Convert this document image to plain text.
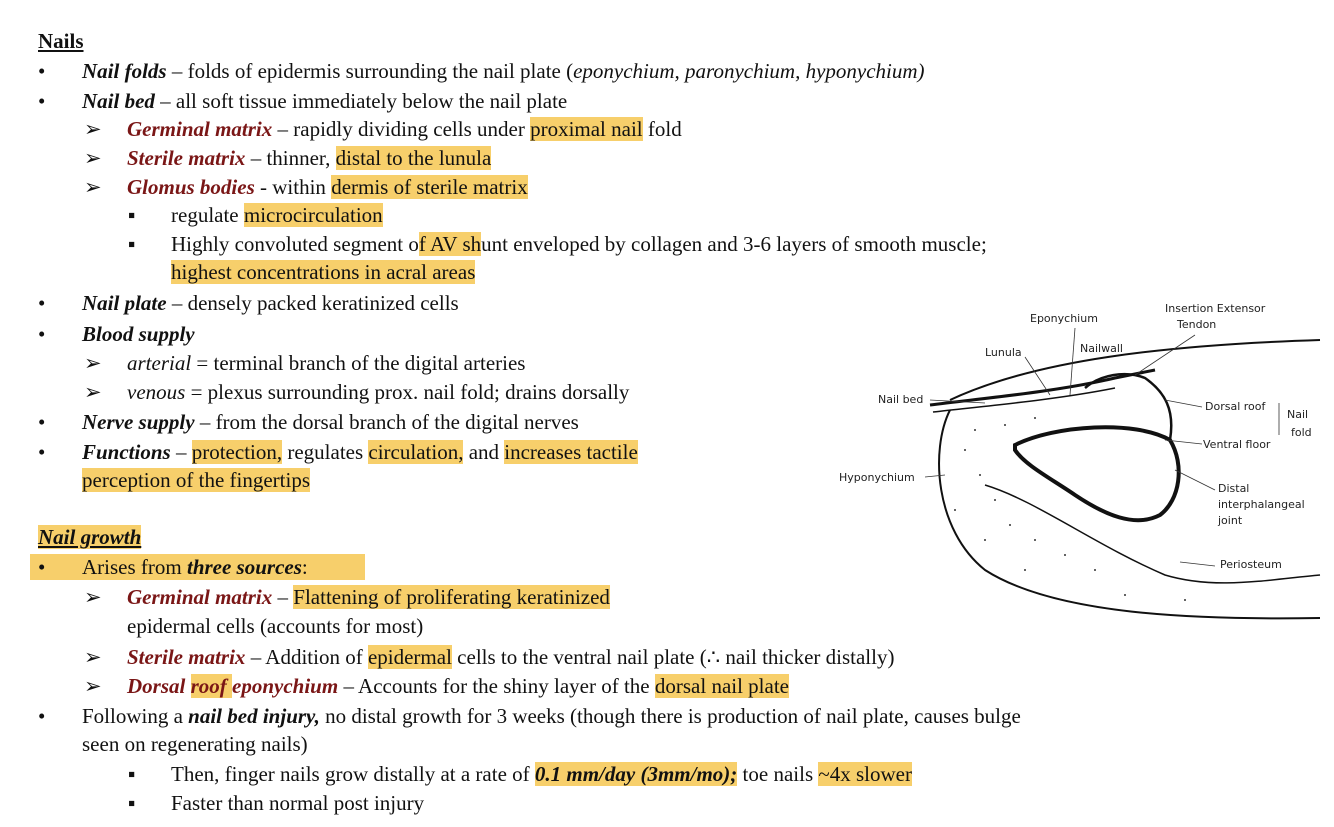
Nails
• Nail folds – folds of epidermis surrounding the nail plate (eponychium, paronychium, hyponychium)
• Nail bed – all soft tissue immediately below the nail plate
➢ Germinal matrix – rapidly dividing cells under proximal nail fold
➢ Sterile matrix – thinner, distal to the lunula
➢ Glomus bodies - within dermis of sterile matrix
▪ regulate microcirculation
▪ Highly convoluted segment of AV shunt enveloped by collagen and 3-6 layers of smooth muscle;
highest concentrations in acral areas
• Nail plate – densely packed keratinized cells
• Blood supply
➢ arterial = terminal branch of the digital arteries
➢ venous = plexus surrounding prox. nail fold; drains dorsally
• Nerve supply – from the dorsal branch of the digital nerves
• Functions – protection, regulates circulation, and increases tactile
perception of the fingertips
Nail growth
• Arises from three sources:
➢ Germinal matrix – Flattening of proliferating keratinized
epidermal cells (accounts for most)
➢ Sterile matrix – Addition of epidermal cells to the ventral nail plate (∴ nail thicker distally)
➢ Dorsal roof eponychium – Accounts for the shiny layer of the dorsal nail plate
• Following a nail bed injury, no distal growth for 3 weeks (though there is production of nail plate, causes bulge
seen on regenerating nails)
▪ Then, finger nails grow distally at a rate of 0.1 mm/day (3mm/mo); toe nails ~4x slower
▪ Faster than normal post injury
Eponychium
Insertion Extensor
Tendon
Lunula	Nailwall
Nail bed
Dorsal roof
Nail
fold
Ventral floor
Hyponychium
Distal
interphalangeal
joint
Periosteum
